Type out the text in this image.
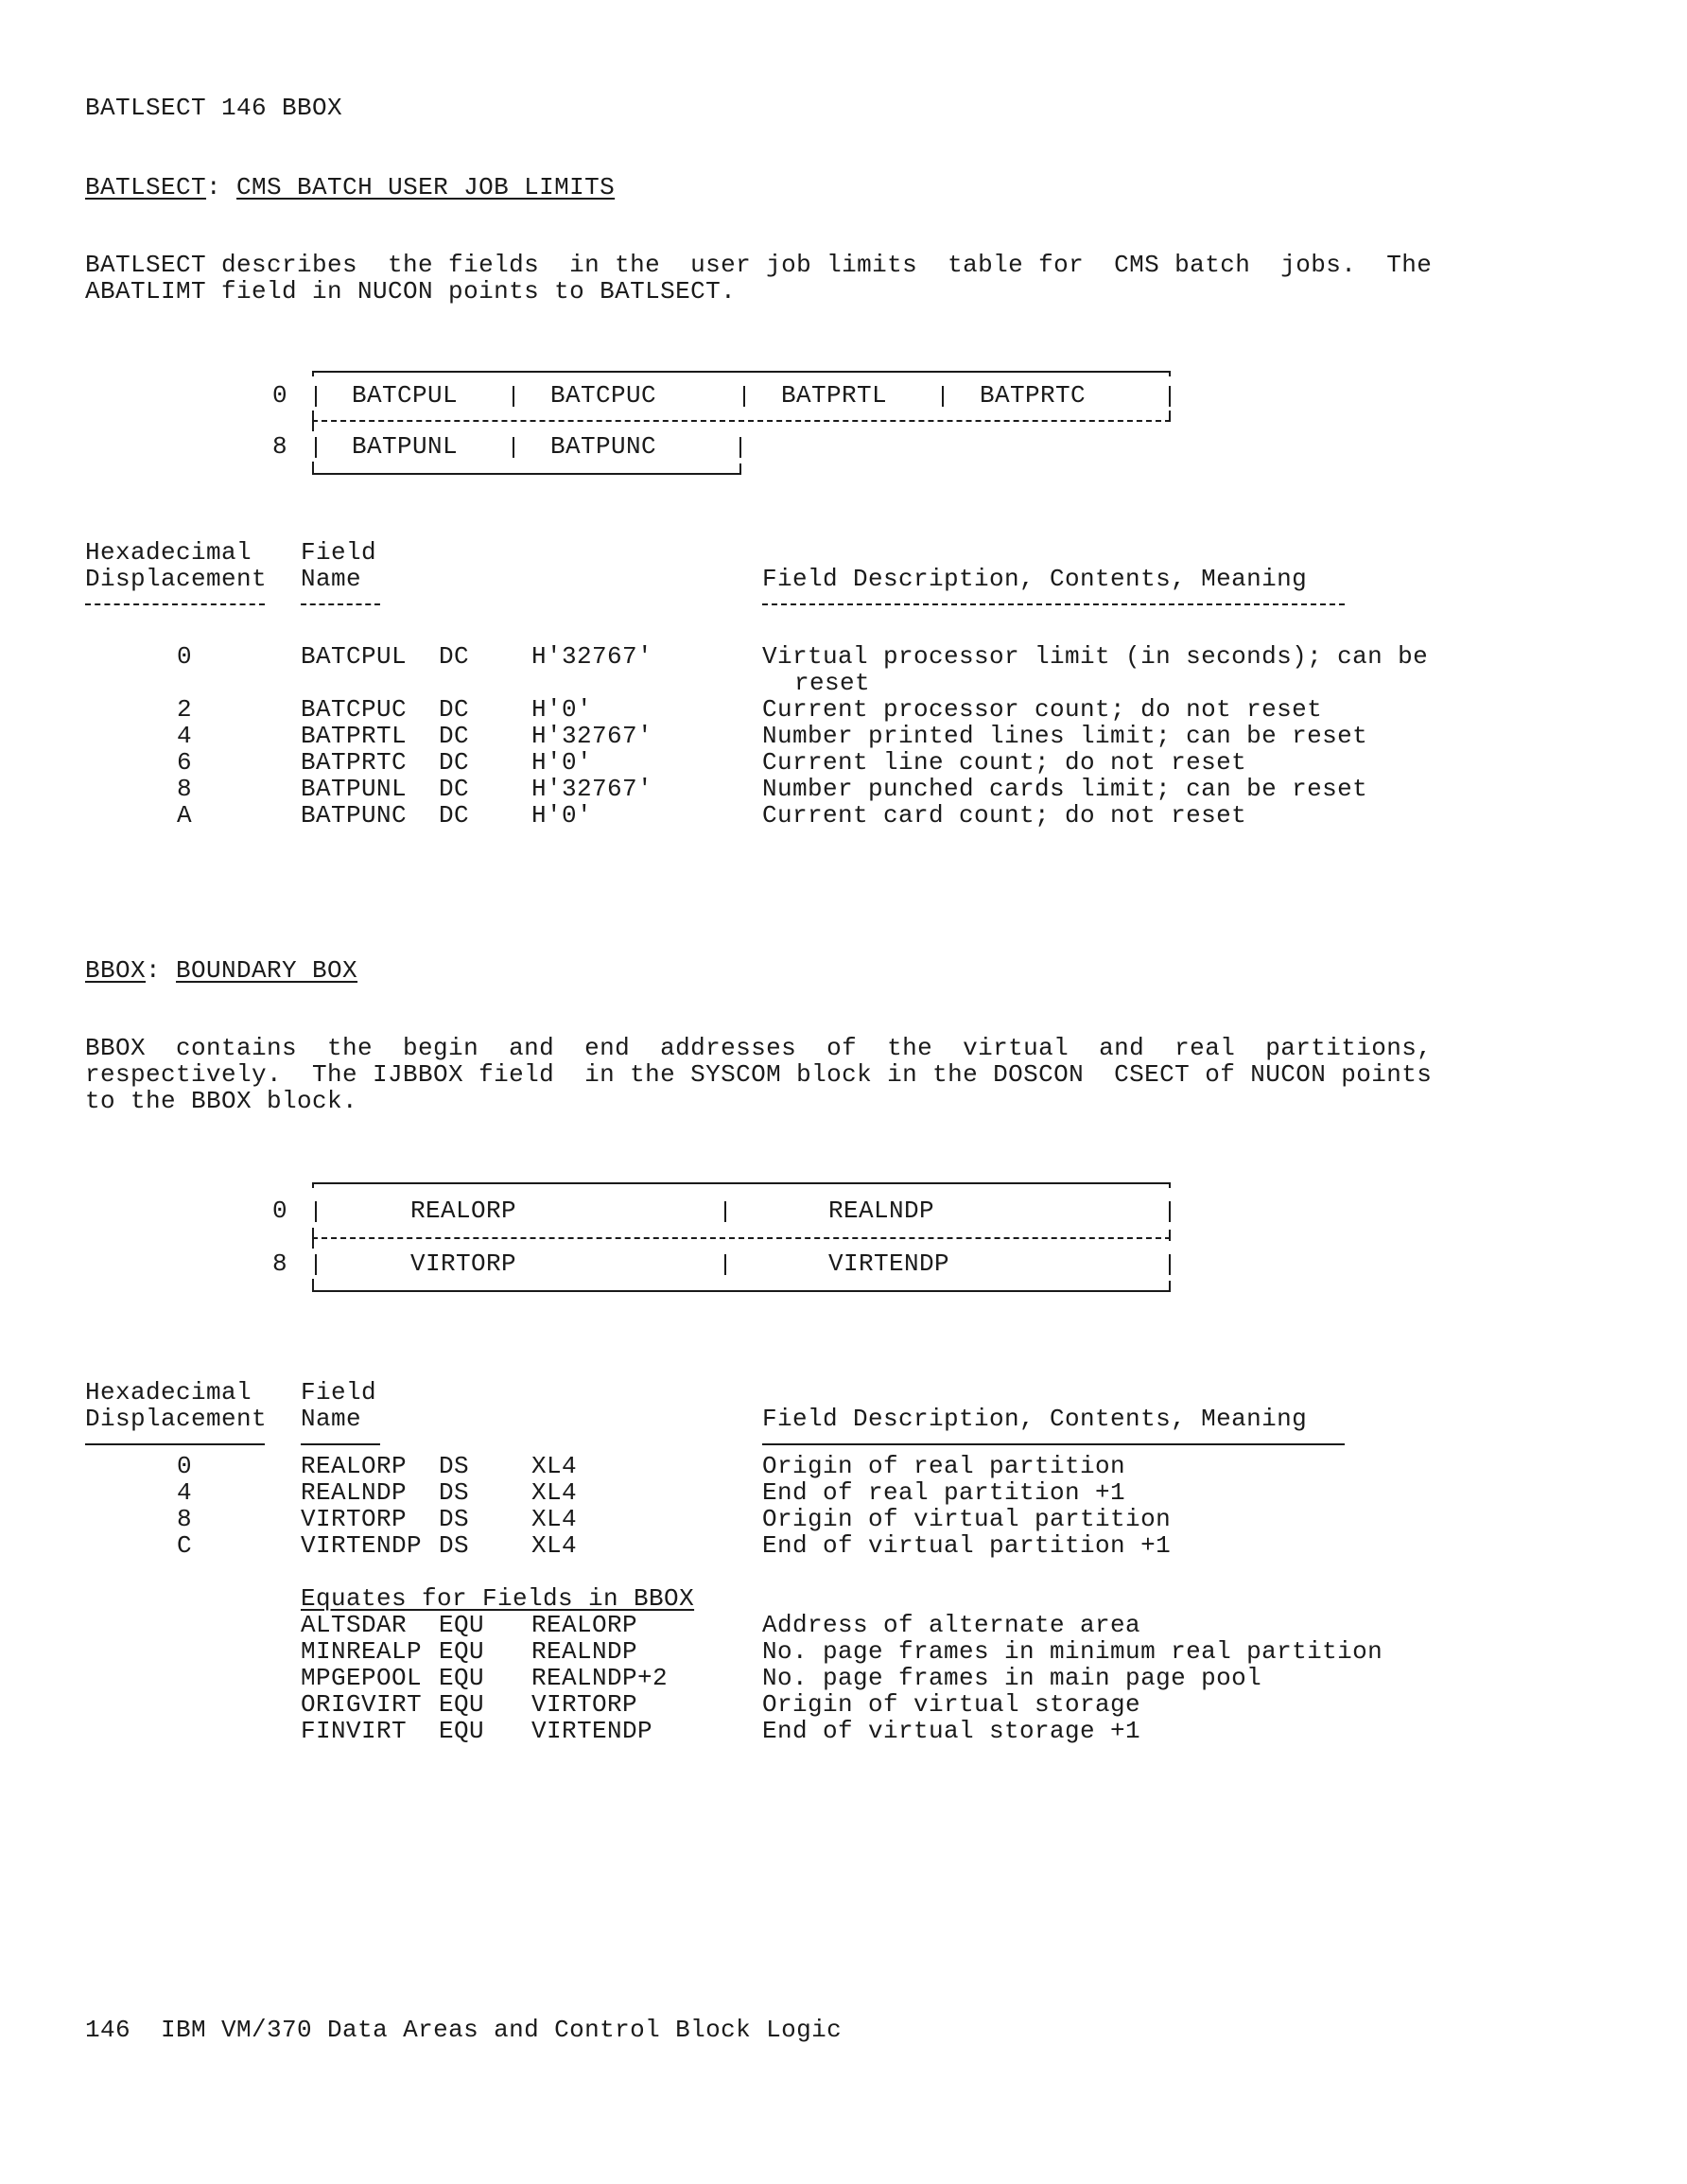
BATLSECT 146 BBOX
BATLSECT: CMS BATCH USER JOB LIMITS
BATLSECT describes  the fields  in the  user job limits  table for  CMS batch  jobs.  The
ABATLIMT field in NUCON points to BATLSECT.
0	BATCPUL	BATCPUC	BATPRTL	BATPRTC
8	BATPUNL	BATPUNC
Hexadecimal
Displacement
Field
Name	Field Description, Contents, Meaning
0	BATCPUL DC	H'32767'	Virtual processor limit (in seconds); can be
reset
2	BATCPUC DC	H'0'	Current processor count; do not reset
4	BATPRTL DC	H'32767'	Number printed lines limit; can be reset
6	BATPRTC DC	H'0'	Current line count; do not reset
8	BATPUNL DC	H'32767'	Number punched cards limit; can be reset
A	BATPUNC DC	H'0'	Current card count; do not reset
BBOX: BOUNDARY BOX
BBOX  contains  the  begin  and  end  addresses  of  the  virtual  and  real  partitions,
respectively.  The IJBBOX field  in the SYSCOM block in the DOSCON  CSECT of NUCON points
to the BBOX block.
0	REALORP	REALNDP
8	VIRTORP	VIRTENDP
Hexadecimal
Displacement
Field
Name	Field Description, Contents, Meaning
0	REALORP DS	XL4	Origin of real partition
4	REALNDP DS	XL4	End of real partition +1
8	VIRTORP DS	XL4	Origin of virtual partition
C	VIRTENDP DS	XL4	End of virtual partition +1
Equates for Fields in BBOX
ALTSDAR EQU REALORP	Address of alternate area
MINREALP EQU REALNDP	No. page frames in minimum real partition
MPGEPOOL EQU REALNDP+2	No. page frames in main page pool
ORIGVIRT EQU VIRTORP	Origin of virtual storage
FINVIRT EQU VIRTENDP	End of virtual storage +1
146 IBM VM/370 Data Areas and Control Block Logic
